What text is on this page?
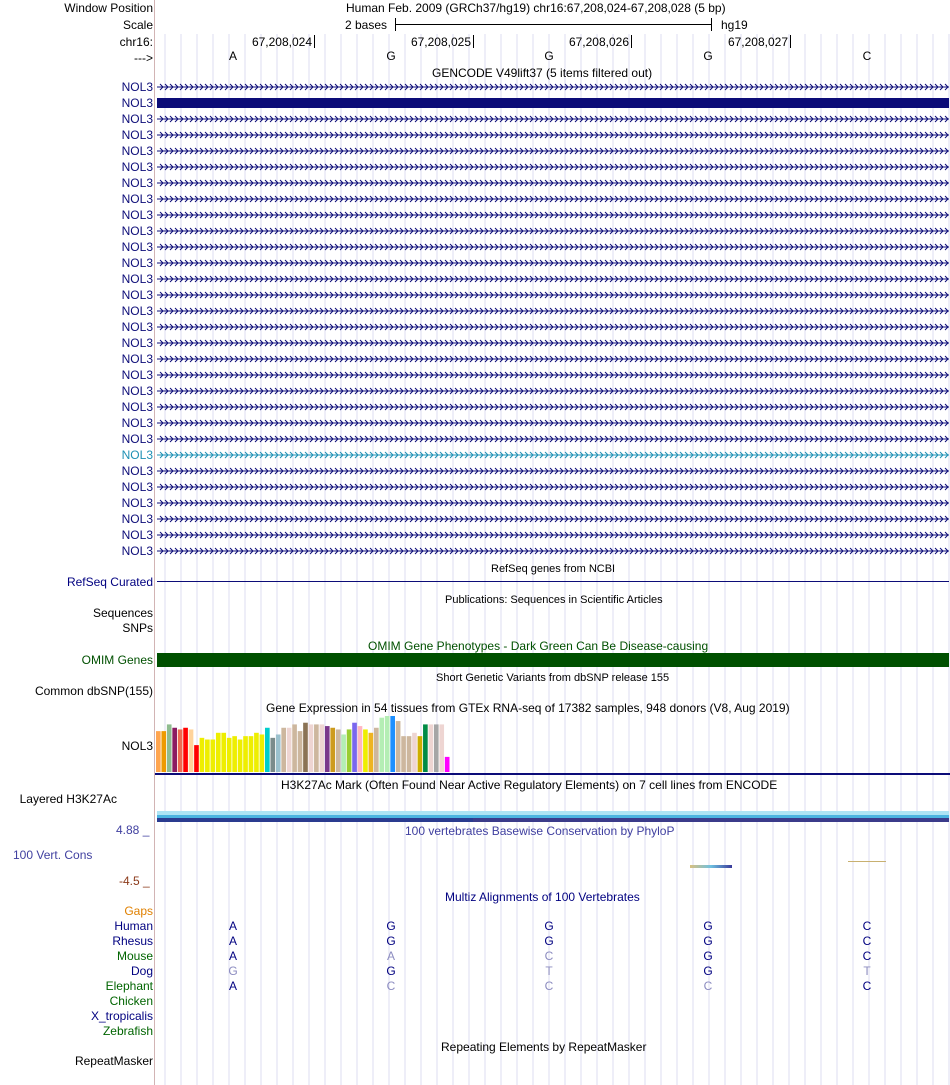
Window Position	Human Feb. 2009 (GRCh37/hg19) chr16:67,208,024-67,208,028 (5 bp)
Scale	2 bases	hg19
chr16:
--->
67,208,024	67,208,025	67,208,026	67,208,027
A	G	G	G	C
GENCODE V49lift37 (5 items filtered out)
NOL3
NOL3
NOL3
NOL3
NOL3
NOL3
NOL3
NOL3
NOL3
NOL3
NOL3
NOL3
NOL3
NOL3
NOL3
NOL3
NOL3
NOL3
NOL3
NOL3
NOL3
NOL3
NOL3
NOL3
NOL3
NOL3
NOL3
NOL3
NOL3
NOL3
RefSeq genes from NCBI
RefSeq Curated
Publications: Sequences in Scientific Articles
Sequences
SNPs
OMIM Gene Phenotypes - Dark Green Can Be Disease-causing
OMIM Genes
Short Genetic Variants from dbSNP release 155
Common dbSNP(155)
Gene Expression in 54 tissues from GTEx RNA-seq of 17382 samples, 948 donors (V8, Aug 2019)
NOL3
H3K27Ac Mark (Often Found Near Active Regulatory Elements) on 7 cell lines from ENCODE
Layered H3K27Ac
100 vertebrates Basewise Conservation by PhyloP
4.88 _
100 Vert. Cons
-4.5 _
Multiz Alignments of 100 Vertebrates
Gaps
Human	A	G	G	G	C
Rhesus	A	G	G	G	C
Mouse	A	A	C	G	C
Dog	G	G	T	G	T
Elephant	A	C	C	C	C
Chicken
X_tropicalis
Zebrafish
Repeating Elements by RepeatMasker
RepeatMasker
